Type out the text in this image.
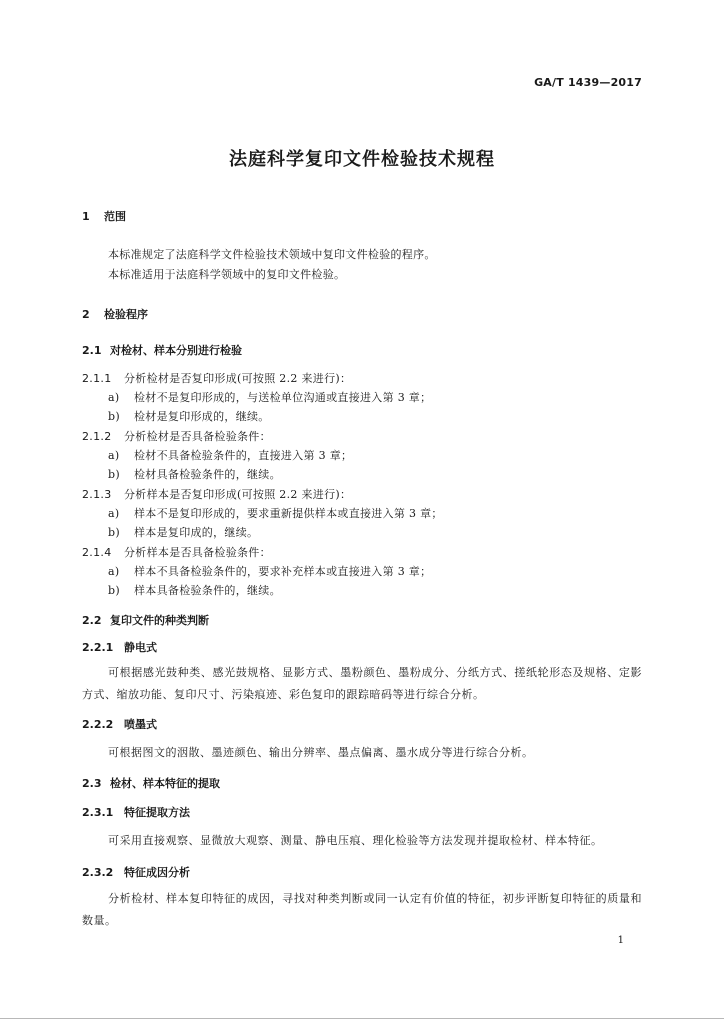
GA/T 1439—2017
法庭科学复印文件检验技术规程
1 范围
本标准规定了法庭科学文件检验技术领域中复印文件检验的程序。
本标准适用于法庭科学领域中的复印文件检验。
2 检验程序
2.1 对检材、样本分别进行检验
2.1.1 分析检材是否复印形成(可按照 2.2 来进行)：
a) 检材不是复印形成的，与送检单位沟通或直接进入第 3 章；
b) 检材是复印形成的，继续。
2.1.2 分析检材是否具备检验条件：
a) 检材不具备检验条件的，直接进入第 3 章；
b) 检材具备检验条件的，继续。
2.1.3 分析样本是否复印形成(可按照 2.2 来进行)：
a) 样本不是复印形成的，要求重新提供样本或直接进入第 3 章；
b) 样本是复印成的，继续。
2.1.4 分析样本是否具备检验条件：
a) 样本不具备检验条件的，要求补充样本或直接进入第 3 章；
b) 样本具备检验条件的，继续。
2.2 复印文件的种类判断
2.2.1 静电式
可根据感光鼓种类、感光鼓规格、显影方式、墨粉颜色、墨粉成分、分纸方式、搓纸轮形态及规格、定影方式、缩放功能、复印尺寸、污染痕迹、彩色复印的跟踪暗码等进行综合分析。
2.2.2 喷墨式
可根据图文的洇散、墨迹颜色、输出分辨率、墨点偏离、墨水成分等进行综合分析。
2.3 检材、样本特征的提取
2.3.1 特征提取方法
可采用直接观察、显微放大观察、测量、静电压痕、理化检验等方法发现并提取检材、样本特征。
2.3.2 特征成因分析
分析检材、样本复印特征的成因，寻找对种类判断或同一认定有价值的特征，初步评断复印特征的质量和数量。
1
